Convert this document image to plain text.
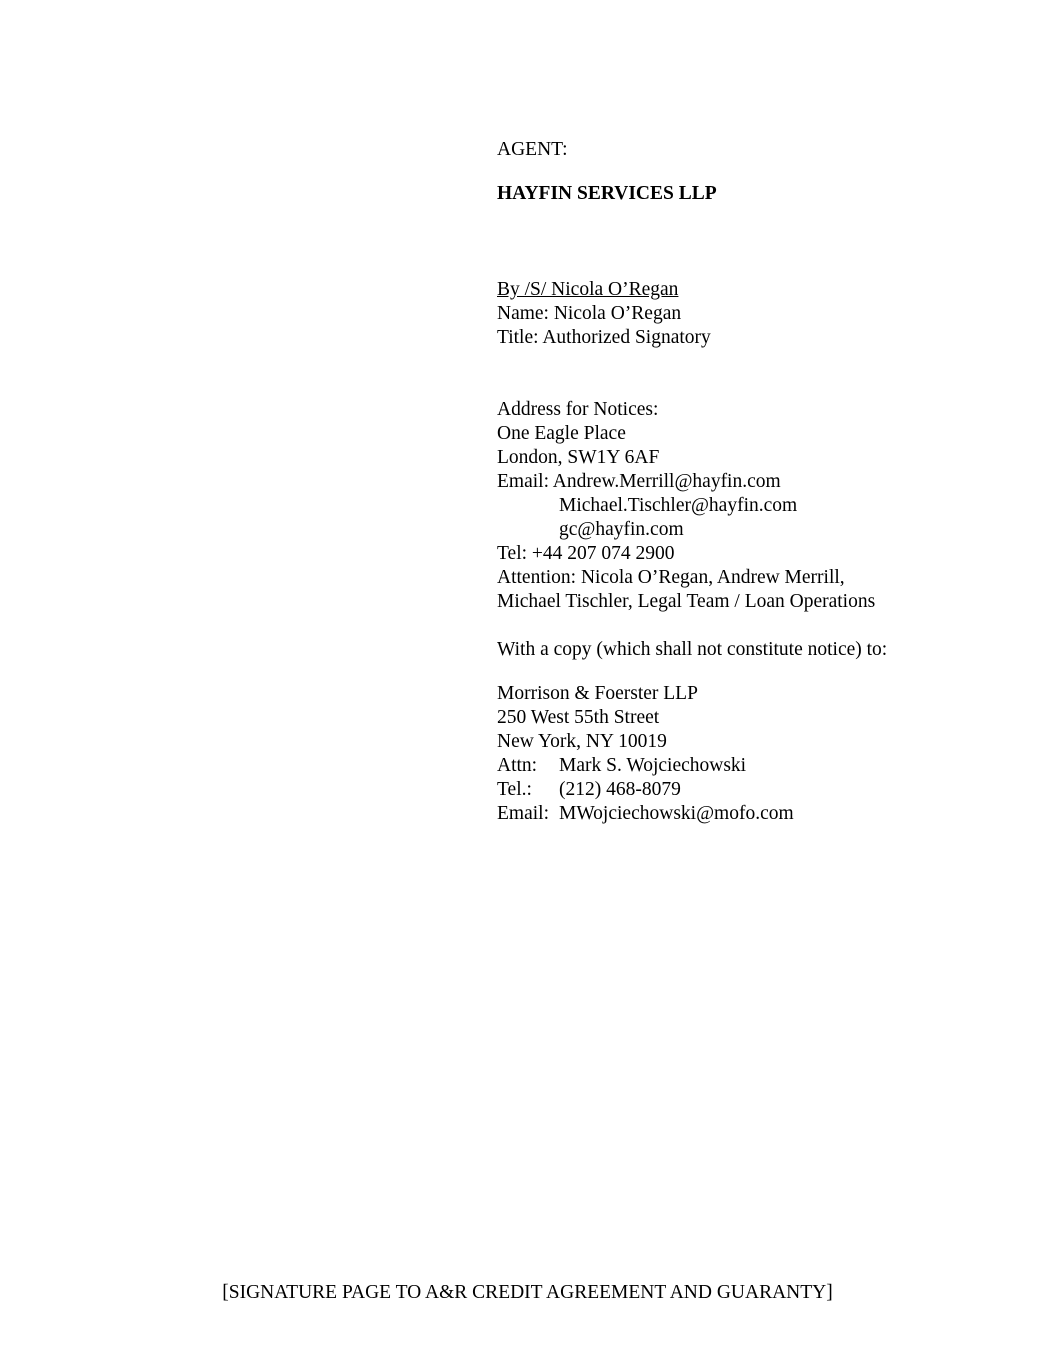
AGENT:
HAYFIN SERVICES LLP
By /S/ Nicola O’Regan
Name: Nicola O’Regan
Title: Authorized Signatory
Address for Notices:
One Eagle Place
London, SW1Y 6AF
Email: Andrew.Merrill@hayfin.com
Michael.Tischler@hayfin.com
gc@hayfin.com
Tel: +44 207 074 2900
Attention: Nicola O’Regan, Andrew Merrill,
Michael Tischler, Legal Team / Loan Operations
With a copy (which shall not constitute notice) to:
Morrison & Foerster LLP
250 West 55th Street
New York, NY 10019
Attn:	Mark S. Wojciechowski
Tel.:	(212) 468-8079
Email: MWojciechowski@mofo.com
[SIGNATURE PAGE TO A&R CREDIT AGREEMENT AND GUARANTY]
